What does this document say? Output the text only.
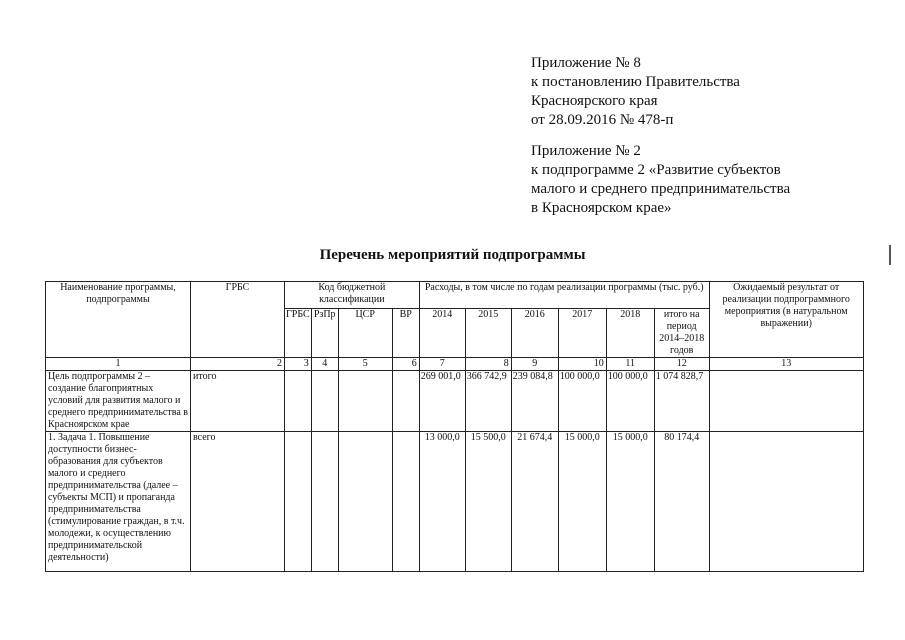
Приложение № 8
к постановлению Правительства
Красноярского края
от 28.09.2016 № 478-п
Приложение № 2
к подпрограмме 2 «Развитие субъектов
малого и среднего предпринимательства
в Красноярском крае»
Перечень мероприятий подпрограммы
Наименование программы, подпрограммы	ГРБС	Код бюджетной классификации				Расходы, в том числе по годам реализации программы (тыс. руб.)						Ожидаемый результат от реализации подпрограммного мероприятия (в натуральном выражении)
		ГРБС	РзПр	ЦСР	ВР	2014	2015	2016	2017	2018	итого на период 2014–2018 годов	
1	2	3	4	5	6	7	8	9	10	11	12	13
Цель подпрограммы 2 – создание благоприятных условий для развития малого и среднего предпринимательства в Красноярском крае	итого					269 001,0	366 742,9	239 084,8	100 000,0	100 000,0	1 074 828,7	
1. Задача 1. Повышение доступности бизнес-образования для субъектов малого и среднего предпринимательства (далее – субъекты МСП) и пропаганда предпринимательства (стимулирование граждан, в т.ч. молодежи, к осуществлению предпринимательской деятельности)	всего					13 000,0	15 500,0	21 674,4	15 000,0	15 000,0	80 174,4	
